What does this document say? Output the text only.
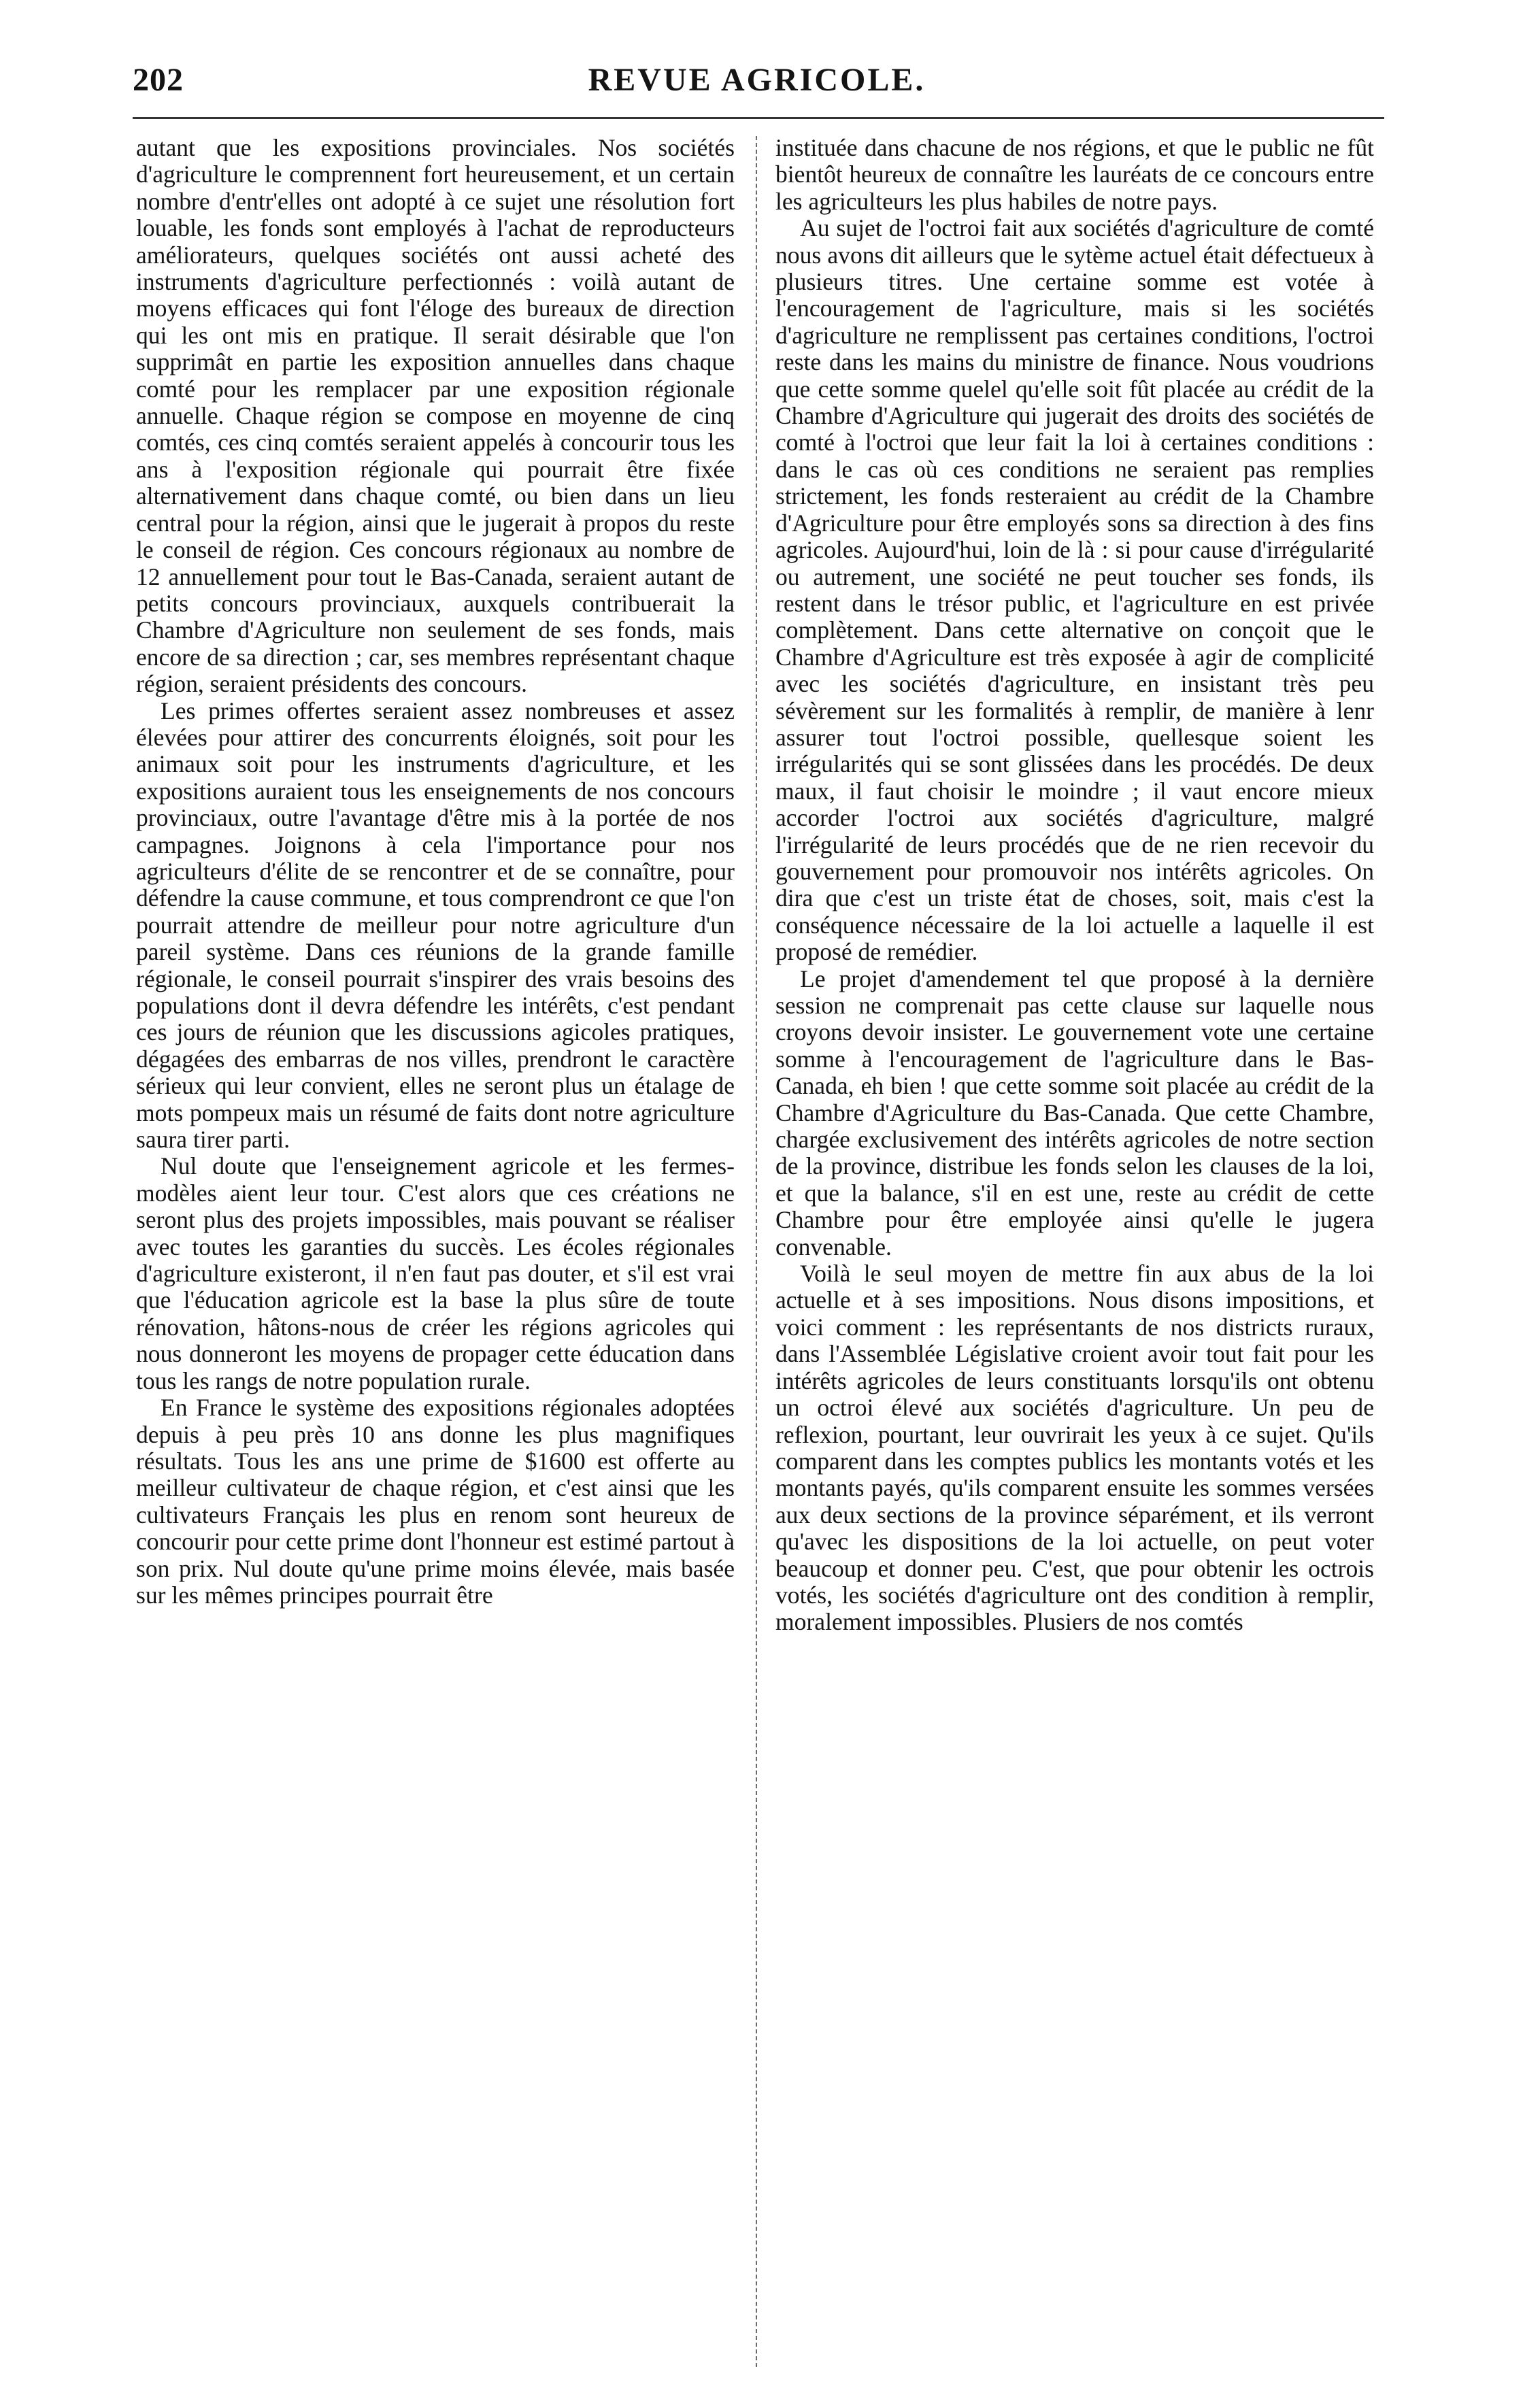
202	REVUE AGRICOLE.

autant que les expositions provinciales. Nos sociétés d'agriculture le comprennent fort heureusement, et un certain nombre d'entr'elles ont adopté à ce sujet une résolution fort louable, les fonds sont employés à l'achat de reproducteurs améliorateurs, quelques sociétés ont aussi acheté des instruments d'agriculture perfectionnés : voilà autant de moyens efficaces qui font l'éloge des bureaux de direction qui les ont mis en pratique. Il serait désirable que l'on supprimât en partie les exposition annuelles dans chaque comté pour les remplacer par une exposition régionale annuelle. Chaque région se compose en moyenne de cinq comtés, ces cinq comtés seraient appelés à concourir tous les ans à l'exposition régionale qui pourrait être fixée alternativement dans chaque comté, ou bien dans un lieu central pour la région, ainsi que le jugerait à propos du reste le conseil de région. Ces concours régionaux au nombre de 12 annuellement pour tout le Bas-Canada, seraient autant de petits concours provinciaux, auxquels contribuerait la Chambre d'Agriculture non seulement de ses fonds, mais encore de sa direction ; car, ses membres représentant chaque région, seraient présidents des concours.

Les primes offertes seraient assez nombreuses et assez élevées pour attirer des concurrents éloignés, soit pour les animaux soit pour les instruments d'agriculture, et les expositions auraient tous les enseignements de nos concours provinciaux, outre l'avantage d'être mis à la portée de nos campagnes. Joignons à cela l'importance pour nos agriculteurs d'élite de se rencontrer et de se connaître, pour défendre la cause commune, et tous comprendront ce que l'on pourrait attendre de meilleur pour notre agriculture d'un pareil système. Dans ces réunions de la grande famille régionale, le conseil pourrait s'inspirer des vrais besoins des populations dont il devra défendre les intérêts, c'est pendant ces jours de réunion que les discussions agicoles pratiques, dégagées des embarras de nos villes, prendront le caractère sérieux qui leur convient, elles ne seront plus un étalage de mots pompeux mais un résumé de faits dont notre agriculture saura tirer parti.

Nul doute que l'enseignement agricole et les fermes-modèles aient leur tour. C'est alors que ces créations ne seront plus des projets impossibles, mais pouvant se réaliser avec toutes les garanties du succès. Les écoles régionales d'agriculture existeront, il n'en faut pas douter, et s'il est vrai que l'éducation agricole est la base la plus sûre de toute rénovation, hâtons-nous de créer les régions agricoles qui nous donneront les moyens de propager cette éducation dans tous les rangs de notre population rurale.

En France le système des expositions régionales adoptées depuis à peu près 10 ans donne les plus magnifiques résultats. Tous les ans une prime de $1600 est offerte au meilleur cultivateur de chaque région, et c'est ainsi que les cultivateurs Français les plus en renom sont heureux de concourir pour cette prime dont l'honneur est estimé partout à son prix. Nul doute qu'une prime moins élevée, mais basée sur les mêmes principes pourrait être

instituée dans chacune de nos régions, et que le public ne fût bientôt heureux de connaître les lauréats de ce concours entre les agriculteurs les plus habiles de notre pays.

Au sujet de l'octroi fait aux sociétés d'agriculture de comté nous avons dit ailleurs que le sytème actuel était défectueux à plusieurs titres. Une certaine somme est votée à l'encouragement de l'agriculture, mais si les sociétés d'agriculture ne remplissent pas certaines conditions, l'octroi reste dans les mains du ministre de finance. Nous voudrions que cette somme quelel qu'elle soit fût placée au crédit de la Chambre d'Agriculture qui jugerait des droits des sociétés de comté à l'octroi que leur fait la loi à certaines conditions : dans le cas où ces conditions ne seraient pas remplies strictement, les fonds resteraient au crédit de la Chambre d'Agriculture pour être employés sons sa direction à des fins agricoles. Aujourd'hui, loin de là : si pour cause d'irrégularité ou autrement, une société ne peut toucher ses fonds, ils restent dans le trésor public, et l'agriculture en est privée complètement. Dans cette alternative on conçoit que le Chambre d'Agriculture est très exposée à agir de complicité avec les sociétés d'agriculture, en insistant très peu sévèrement sur les formalités à remplir, de manière à lenr assurer tout l'octroi possible, quellesque soient les irrégularités qui se sont glissées dans les procédés. De deux maux, il faut choisir le moindre ; il vaut encore mieux accorder l'octroi aux sociétés d'agriculture, malgré l'irrégularité de leurs procédés que de ne rien recevoir du gouvernement pour promouvoir nos intérêts agricoles. On dira que c'est un triste état de choses, soit, mais c'est la conséquence nécessaire de la loi actuelle a laquelle il est proposé de remédier.

Le projet d'amendement tel que proposé à la dernière session ne comprenait pas cette clause sur laquelle nous croyons devoir insister. Le gouvernement vote une certaine somme à l'encouragement de l'agriculture dans le Bas-Canada, eh bien ! que cette somme soit placée au crédit de la Chambre d'Agriculture du Bas-Canada. Que cette Chambre, chargée exclusivement des intérêts agricoles de notre section de la province, distribue les fonds selon les clauses de la loi, et que la balance, s'il en est une, reste au crédit de cette Chambre pour être employée ainsi qu'elle le jugera convenable.

Voilà le seul moyen de mettre fin aux abus de la loi actuelle et à ses impositions. Nous disons impositions, et voici comment : les représentants de nos districts ruraux, dans l'Assemblée Législative croient avoir tout fait pour les intérêts agricoles de leurs constituants lorsqu'ils ont obtenu un octroi élevé aux sociétés d'agriculture. Un peu de reflexion, pourtant, leur ouvrirait les yeux à ce sujet. Qu'ils comparent dans les comptes publics les montants votés et les montants payés, qu'ils comparent ensuite les sommes versées aux deux sections de la province séparément, et ils verront qu'avec les dispositions de la loi actuelle, on peut voter beaucoup et donner peu. C'est, que pour obtenir les octrois votés, les sociétés d'agriculture ont des condition à remplir, moralement impossibles. Plusiers de nos comtés
